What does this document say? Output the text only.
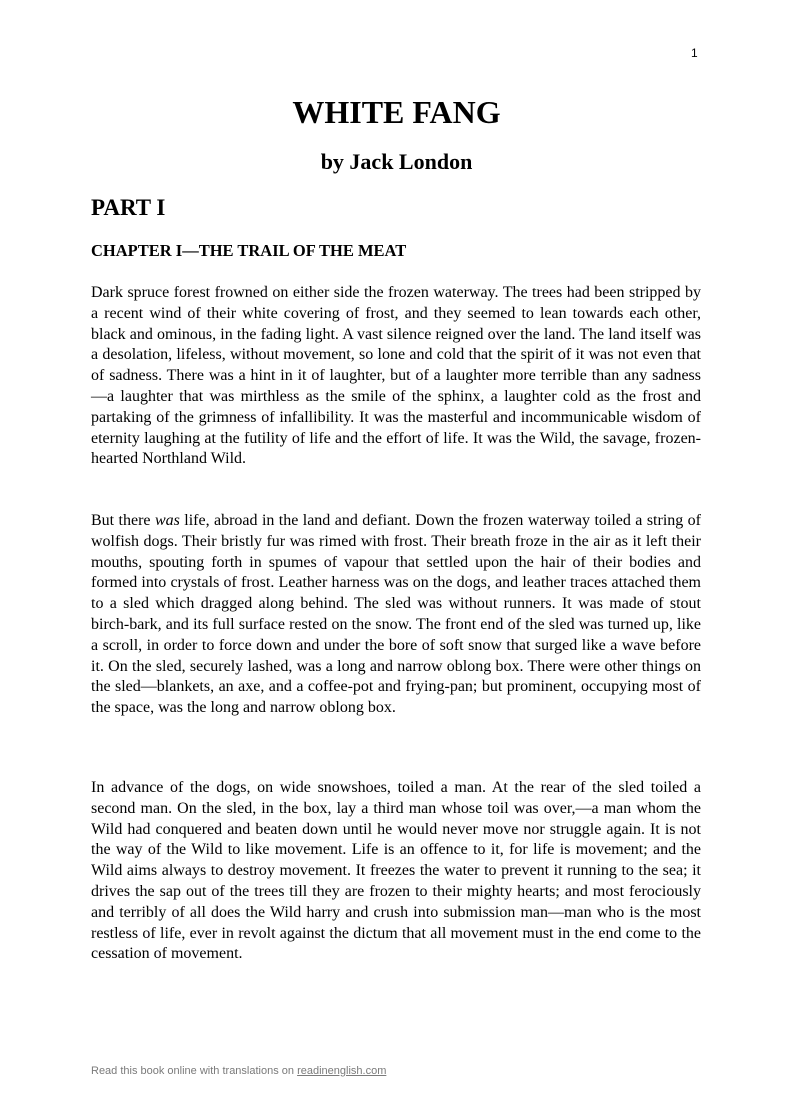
1
WHITE FANG
by Jack London
PART I
CHAPTER I—THE TRAIL OF THE MEAT

Dark spruce forest frowned on either side the frozen waterway. The trees had been stripped by a recent wind of their white covering of frost, and they seemed to lean towards each other, black and ominous, in the fading light. A vast silence reigned over the land. The land itself was a desolation, lifeless, without movement, so lone and cold that the spirit of it was not even that of sadness. There was a hint in it of laughter, but of a laughter more terrible than any sadness—a laughter that was mirthless as the smile of the sphinx, a laughter cold as the frost and partaking of the grimness of infallibility. It was the masterful and incommunicable wisdom of eternity laughing at the futility of life and the effort of life. It was the Wild, the savage, frozen-hearted Northland Wild.

But there was life, abroad in the land and defiant. Down the frozen waterway toiled a string of wolfish dogs. Their bristly fur was rimed with frost. Their breath froze in the air as it left their mouths, spouting forth in spumes of vapour that settled upon the hair of their bodies and formed into crystals of frost. Leather harness was on the dogs, and leather traces attached them to a sled which dragged along behind. The sled was without runners. It was made of stout birch-bark, and its full surface rested on the snow. The front end of the sled was turned up, like a scroll, in order to force down and under the bore of soft snow that surged like a wave before it. On the sled, securely lashed, was a long and narrow oblong box. There were other things on the sled—blankets, an axe, and a coffee-pot and frying-pan; but prominent, occupying most of the space, was the long and narrow oblong box.

In advance of the dogs, on wide snowshoes, toiled a man. At the rear of the sled toiled a second man. On the sled, in the box, lay a third man whose toil was over,—a man whom the Wild had conquered and beaten down until he would never move nor struggle again. It is not the way of the Wild to like movement. Life is an offence to it, for life is movement; and the Wild aims always to destroy movement. It freezes the water to prevent it running to the sea; it drives the sap out of the trees till they are frozen to their mighty hearts; and most ferociously and terribly of all does the Wild harry and crush into submission man—man who is the most restless of life, ever in revolt against the dictum that all movement must in the end come to the cessation of movement.

Read this book online with translations on readinenglish.com
